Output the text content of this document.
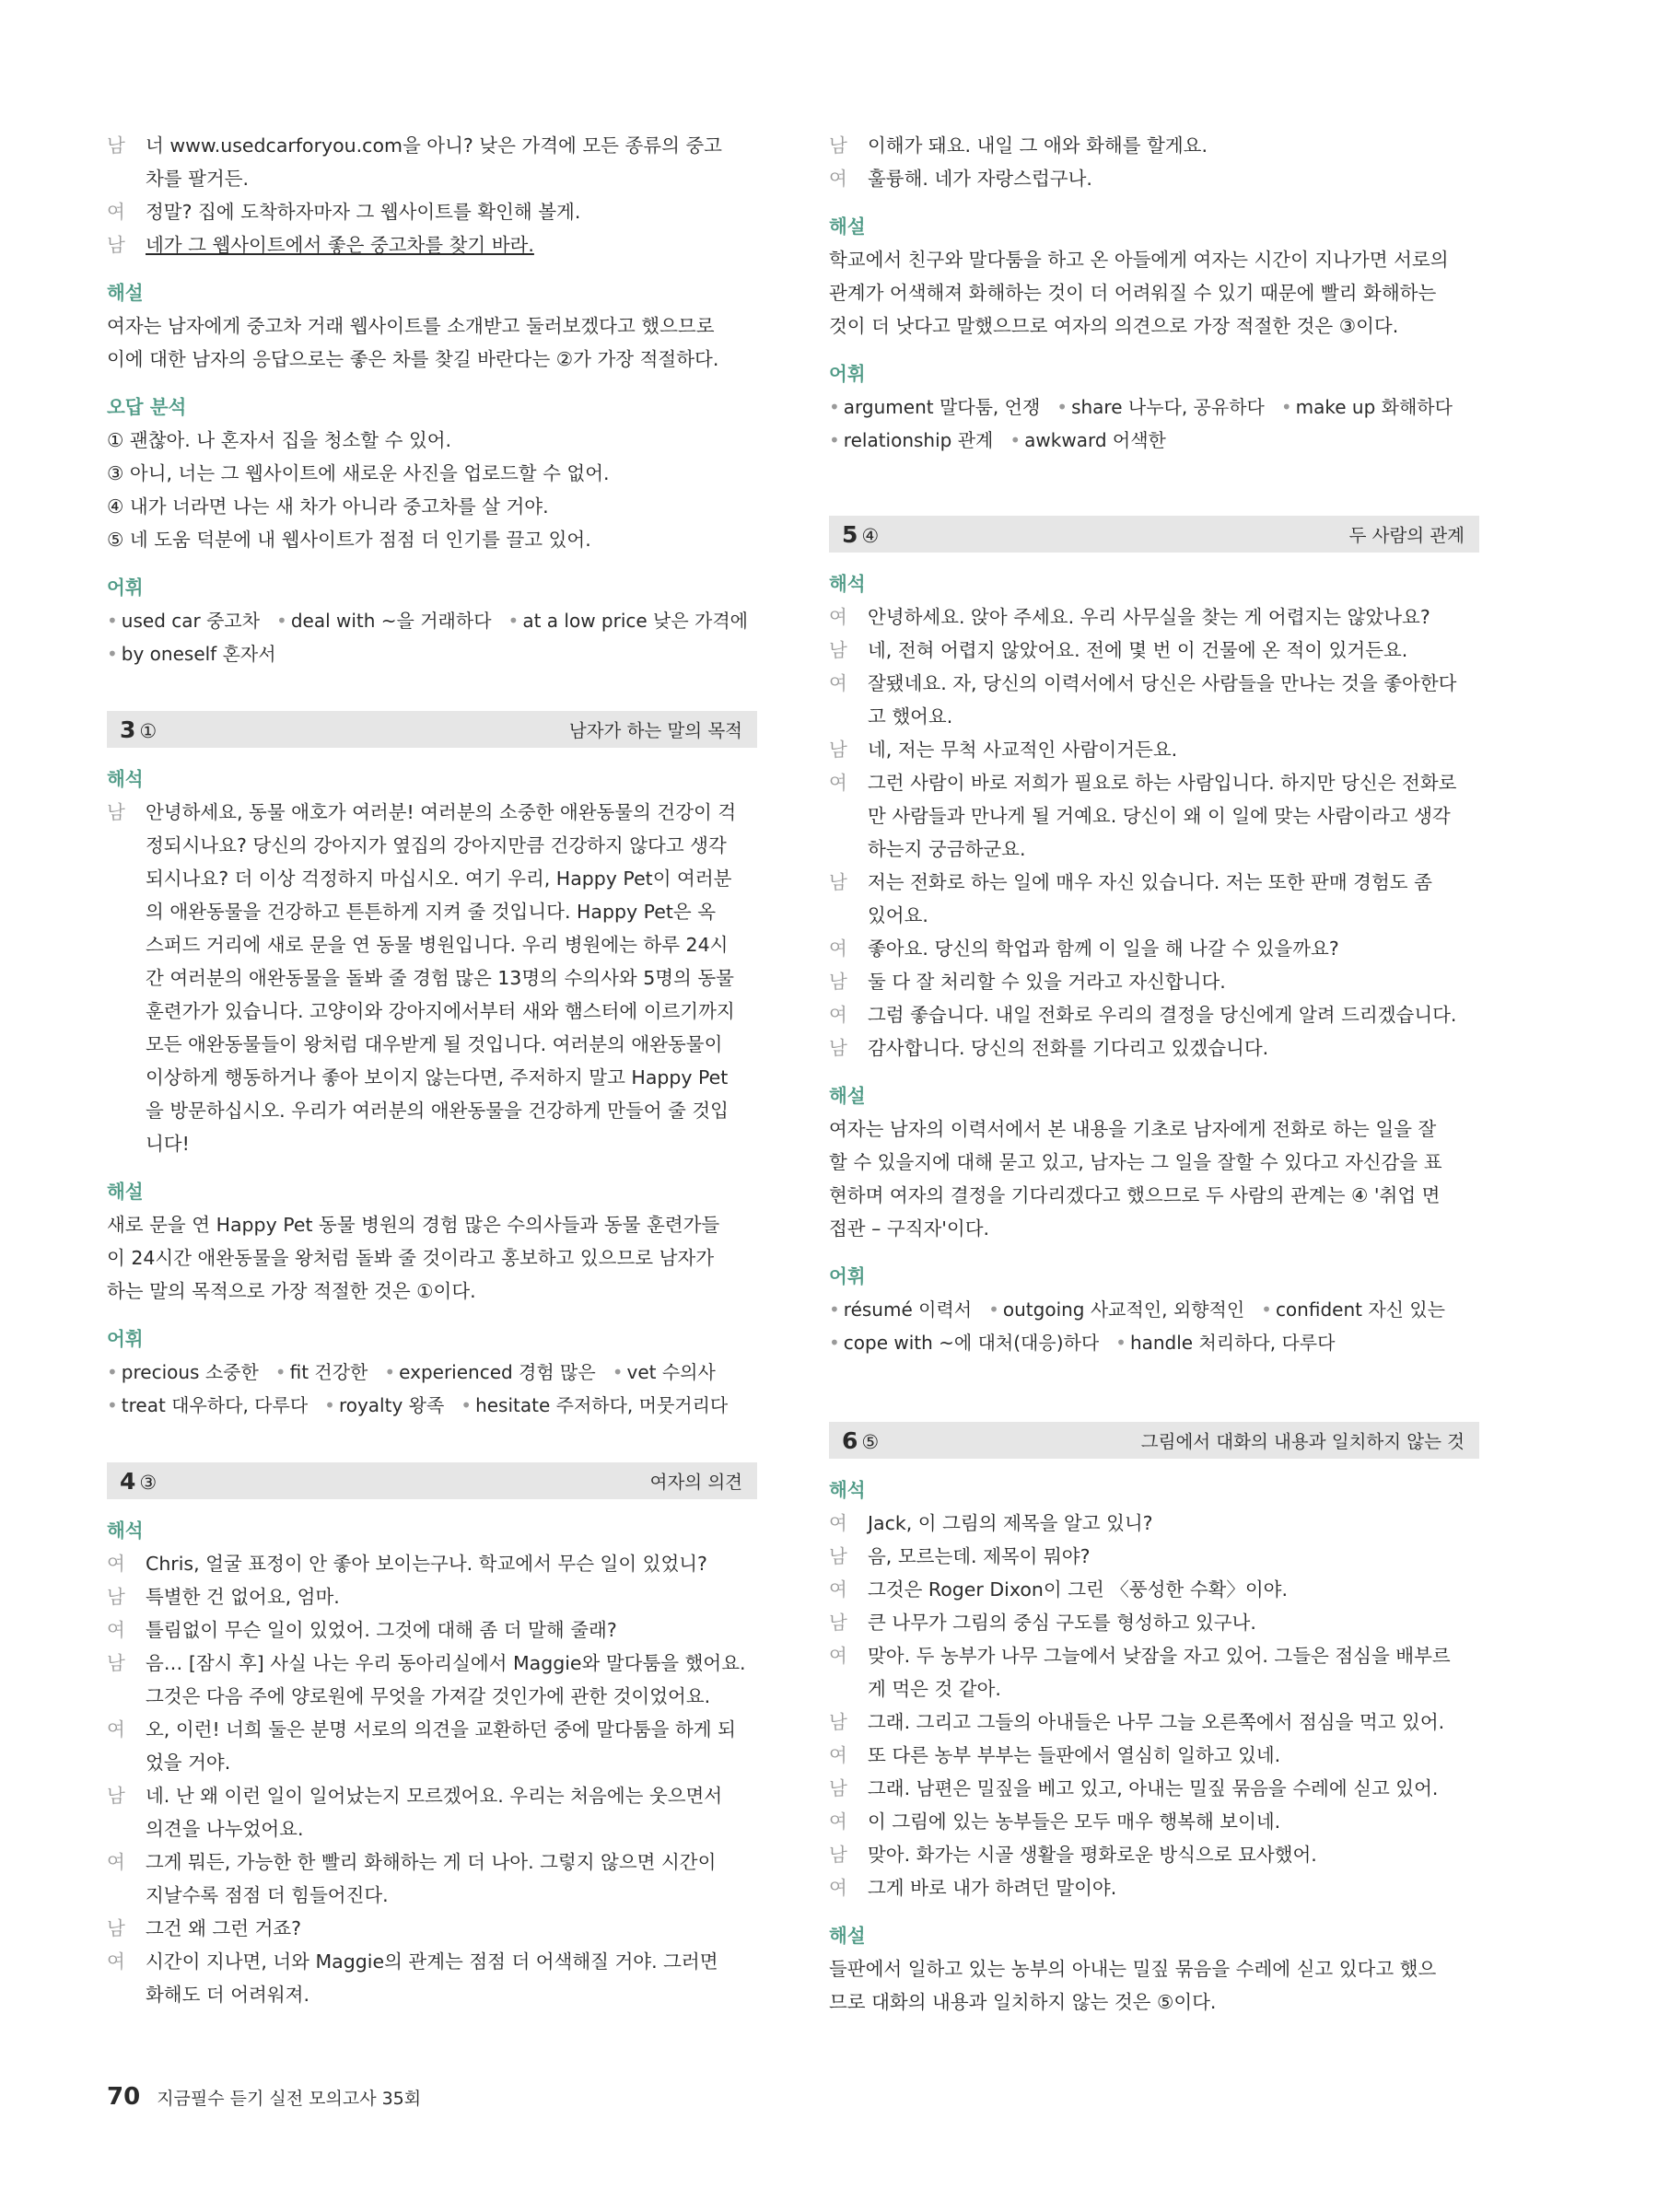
남 너 www.usedcarforyou.com을 아니? 낮은 가격에 모든 종류의 중고
차를 팔거든.
여 정말? 집에 도착하자마자 그 웹사이트를 확인해 볼게.
남 네가 그 웹사이트에서 좋은 중고차를 찾기 바라.
해설
여자는 남자에게 중고차 거래 웹사이트를 소개받고 둘러보겠다고 했으므로
이에 대한 남자의 응답으로는 좋은 차를 찾길 바란다는 ②가 가장 적절하다.
오답 분석
① 괜찮아. 나 혼자서 집을 청소할 수 있어.
③ 아니, 너는 그 웹사이트에 새로운 사진을 업로드할 수 없어.
④ 내가 너라면 나는 새 차가 아니라 중고차를 살 거야.
⑤ 네 도움 덕분에 내 웹사이트가 점점 더 인기를 끌고 있어.
어휘
• used car 중고차 • deal with ~을 거래하다 • at a low price 낮은 가격에
• by oneself 혼자서
3 ①	남자가 하는 말의 목적
해석
남 안녕하세요, 동물 애호가 여러분! 여러분의 소중한 애완동물의 건강이 걱
정되시나요? 당신의 강아지가 옆집의 강아지만큼 건강하지 않다고 생각
되시나요? 더 이상 걱정하지 마십시오. 여기 우리, Happy Pet이 여러분
의 애완동물을 건강하고 튼튼하게 지켜 줄 것입니다. Happy Pet은 옥
스퍼드 거리에 새로 문을 연 동물 병원입니다. 우리 병원에는 하루 24시
간 여러분의 애완동물을 돌봐 줄 경험 많은 13명의 수의사와 5명의 동물
훈련가가 있습니다. 고양이와 강아지에서부터 새와 햄스터에 이르기까지
모든 애완동물들이 왕처럼 대우받게 될 것입니다. 여러분의 애완동물이
이상하게 행동하거나 좋아 보이지 않는다면, 주저하지 말고 Happy Pet
을 방문하십시오. 우리가 여러분의 애완동물을 건강하게 만들어 줄 것입
니다!
해설
새로 문을 연 Happy Pet 동물 병원의 경험 많은 수의사들과 동물 훈련가들
이 24시간 애완동물을 왕처럼 돌봐 줄 것이라고 홍보하고 있으므로 남자가
하는 말의 목적으로 가장 적절한 것은 ①이다.
어휘
• precious 소중한 • fit 건강한 • experienced 경험 많은 • vet 수의사
• treat 대우하다, 다루다 • royalty 왕족 • hesitate 주저하다, 머뭇거리다
4 ③	여자의 의견
해석
여 Chris, 얼굴 표정이 안 좋아 보이는구나. 학교에서 무슨 일이 있었니?
남 특별한 건 없어요, 엄마.
여 틀림없이 무슨 일이 있었어. 그것에 대해 좀 더 말해 줄래?
남 음… [잠시 후] 사실 나는 우리 동아리실에서 Maggie와 말다툼을 했어요.
그것은 다음 주에 양로원에 무엇을 가져갈 것인가에 관한 것이었어요.
여 오, 이런! 너희 둘은 분명 서로의 의견을 교환하던 중에 말다툼을 하게 되
었을 거야.
남 네. 난 왜 이런 일이 일어났는지 모르겠어요. 우리는 처음에는 웃으면서
의견을 나누었어요.
여 그게 뭐든, 가능한 한 빨리 화해하는 게 더 나아. 그렇지 않으면 시간이
지날수록 점점 더 힘들어진다.
남 그건 왜 그런 거죠?
여 시간이 지나면, 너와 Maggie의 관계는 점점 더 어색해질 거야. 그러면
화해도 더 어려워져.
남 이해가 돼요. 내일 그 애와 화해를 할게요.
여 훌륭해. 네가 자랑스럽구나.
해설
학교에서 친구와 말다툼을 하고 온 아들에게 여자는 시간이 지나가면 서로의
관계가 어색해져 화해하는 것이 더 어려워질 수 있기 때문에 빨리 화해하는
것이 더 낫다고 말했으므로 여자의 의견으로 가장 적절한 것은 ③이다.
어휘
• argument 말다툼, 언쟁 • share 나누다, 공유하다 • make up 화해하다
• relationship 관계 • awkward 어색한
5 ④	두 사람의 관계
해석
여 안녕하세요. 앉아 주세요. 우리 사무실을 찾는 게 어렵지는 않았나요?
남 네, 전혀 어렵지 않았어요. 전에 몇 번 이 건물에 온 적이 있거든요.
여 잘됐네요. 자, 당신의 이력서에서 당신은 사람들을 만나는 것을 좋아한다
고 했어요.
남 네, 저는 무척 사교적인 사람이거든요.
여 그런 사람이 바로 저희가 필요로 하는 사람입니다. 하지만 당신은 전화로
만 사람들과 만나게 될 거예요. 당신이 왜 이 일에 맞는 사람이라고 생각
하는지 궁금하군요.
남 저는 전화로 하는 일에 매우 자신 있습니다. 저는 또한 판매 경험도 좀
있어요.
여 좋아요. 당신의 학업과 함께 이 일을 해 나갈 수 있을까요?
남 둘 다 잘 처리할 수 있을 거라고 자신합니다.
여 그럼 좋습니다. 내일 전화로 우리의 결정을 당신에게 알려 드리겠습니다.
남 감사합니다. 당신의 전화를 기다리고 있겠습니다.
해설
여자는 남자의 이력서에서 본 내용을 기초로 남자에게 전화로 하는 일을 잘
할 수 있을지에 대해 묻고 있고, 남자는 그 일을 잘할 수 있다고 자신감을 표
현하며 여자의 결정을 기다리겠다고 했으므로 두 사람의 관계는 ④ '취업 면
접관 – 구직자'이다.
어휘
• résumé 이력서 • outgoing 사교적인, 외향적인 • confident 자신 있는
• cope with ~에 대처(대응)하다 • handle 처리하다, 다루다
6 ⑤	그림에서 대화의 내용과 일치하지 않는 것
해석
여 Jack, 이 그림의 제목을 알고 있니?
남 음, 모르는데. 제목이 뭐야?
여 그것은 Roger Dixon이 그린 〈풍성한 수확〉이야.
남 큰 나무가 그림의 중심 구도를 형성하고 있구나.
여 맞아. 두 농부가 나무 그늘에서 낮잠을 자고 있어. 그들은 점심을 배부르
게 먹은 것 같아.
남 그래. 그리고 그들의 아내들은 나무 그늘 오른쪽에서 점심을 먹고 있어.
여 또 다른 농부 부부는 들판에서 열심히 일하고 있네.
남 그래. 남편은 밀짚을 베고 있고, 아내는 밀짚 묶음을 수레에 싣고 있어.
여 이 그림에 있는 농부들은 모두 매우 행복해 보이네.
남 맞아. 화가는 시골 생활을 평화로운 방식으로 묘사했어.
여 그게 바로 내가 하려던 말이야.
해설
들판에서 일하고 있는 농부의 아내는 밀짚 묶음을 수레에 싣고 있다고 했으
므로 대화의 내용과 일치하지 않는 것은 ⑤이다.
70 지금필수 듣기 실전 모의고사 35회
